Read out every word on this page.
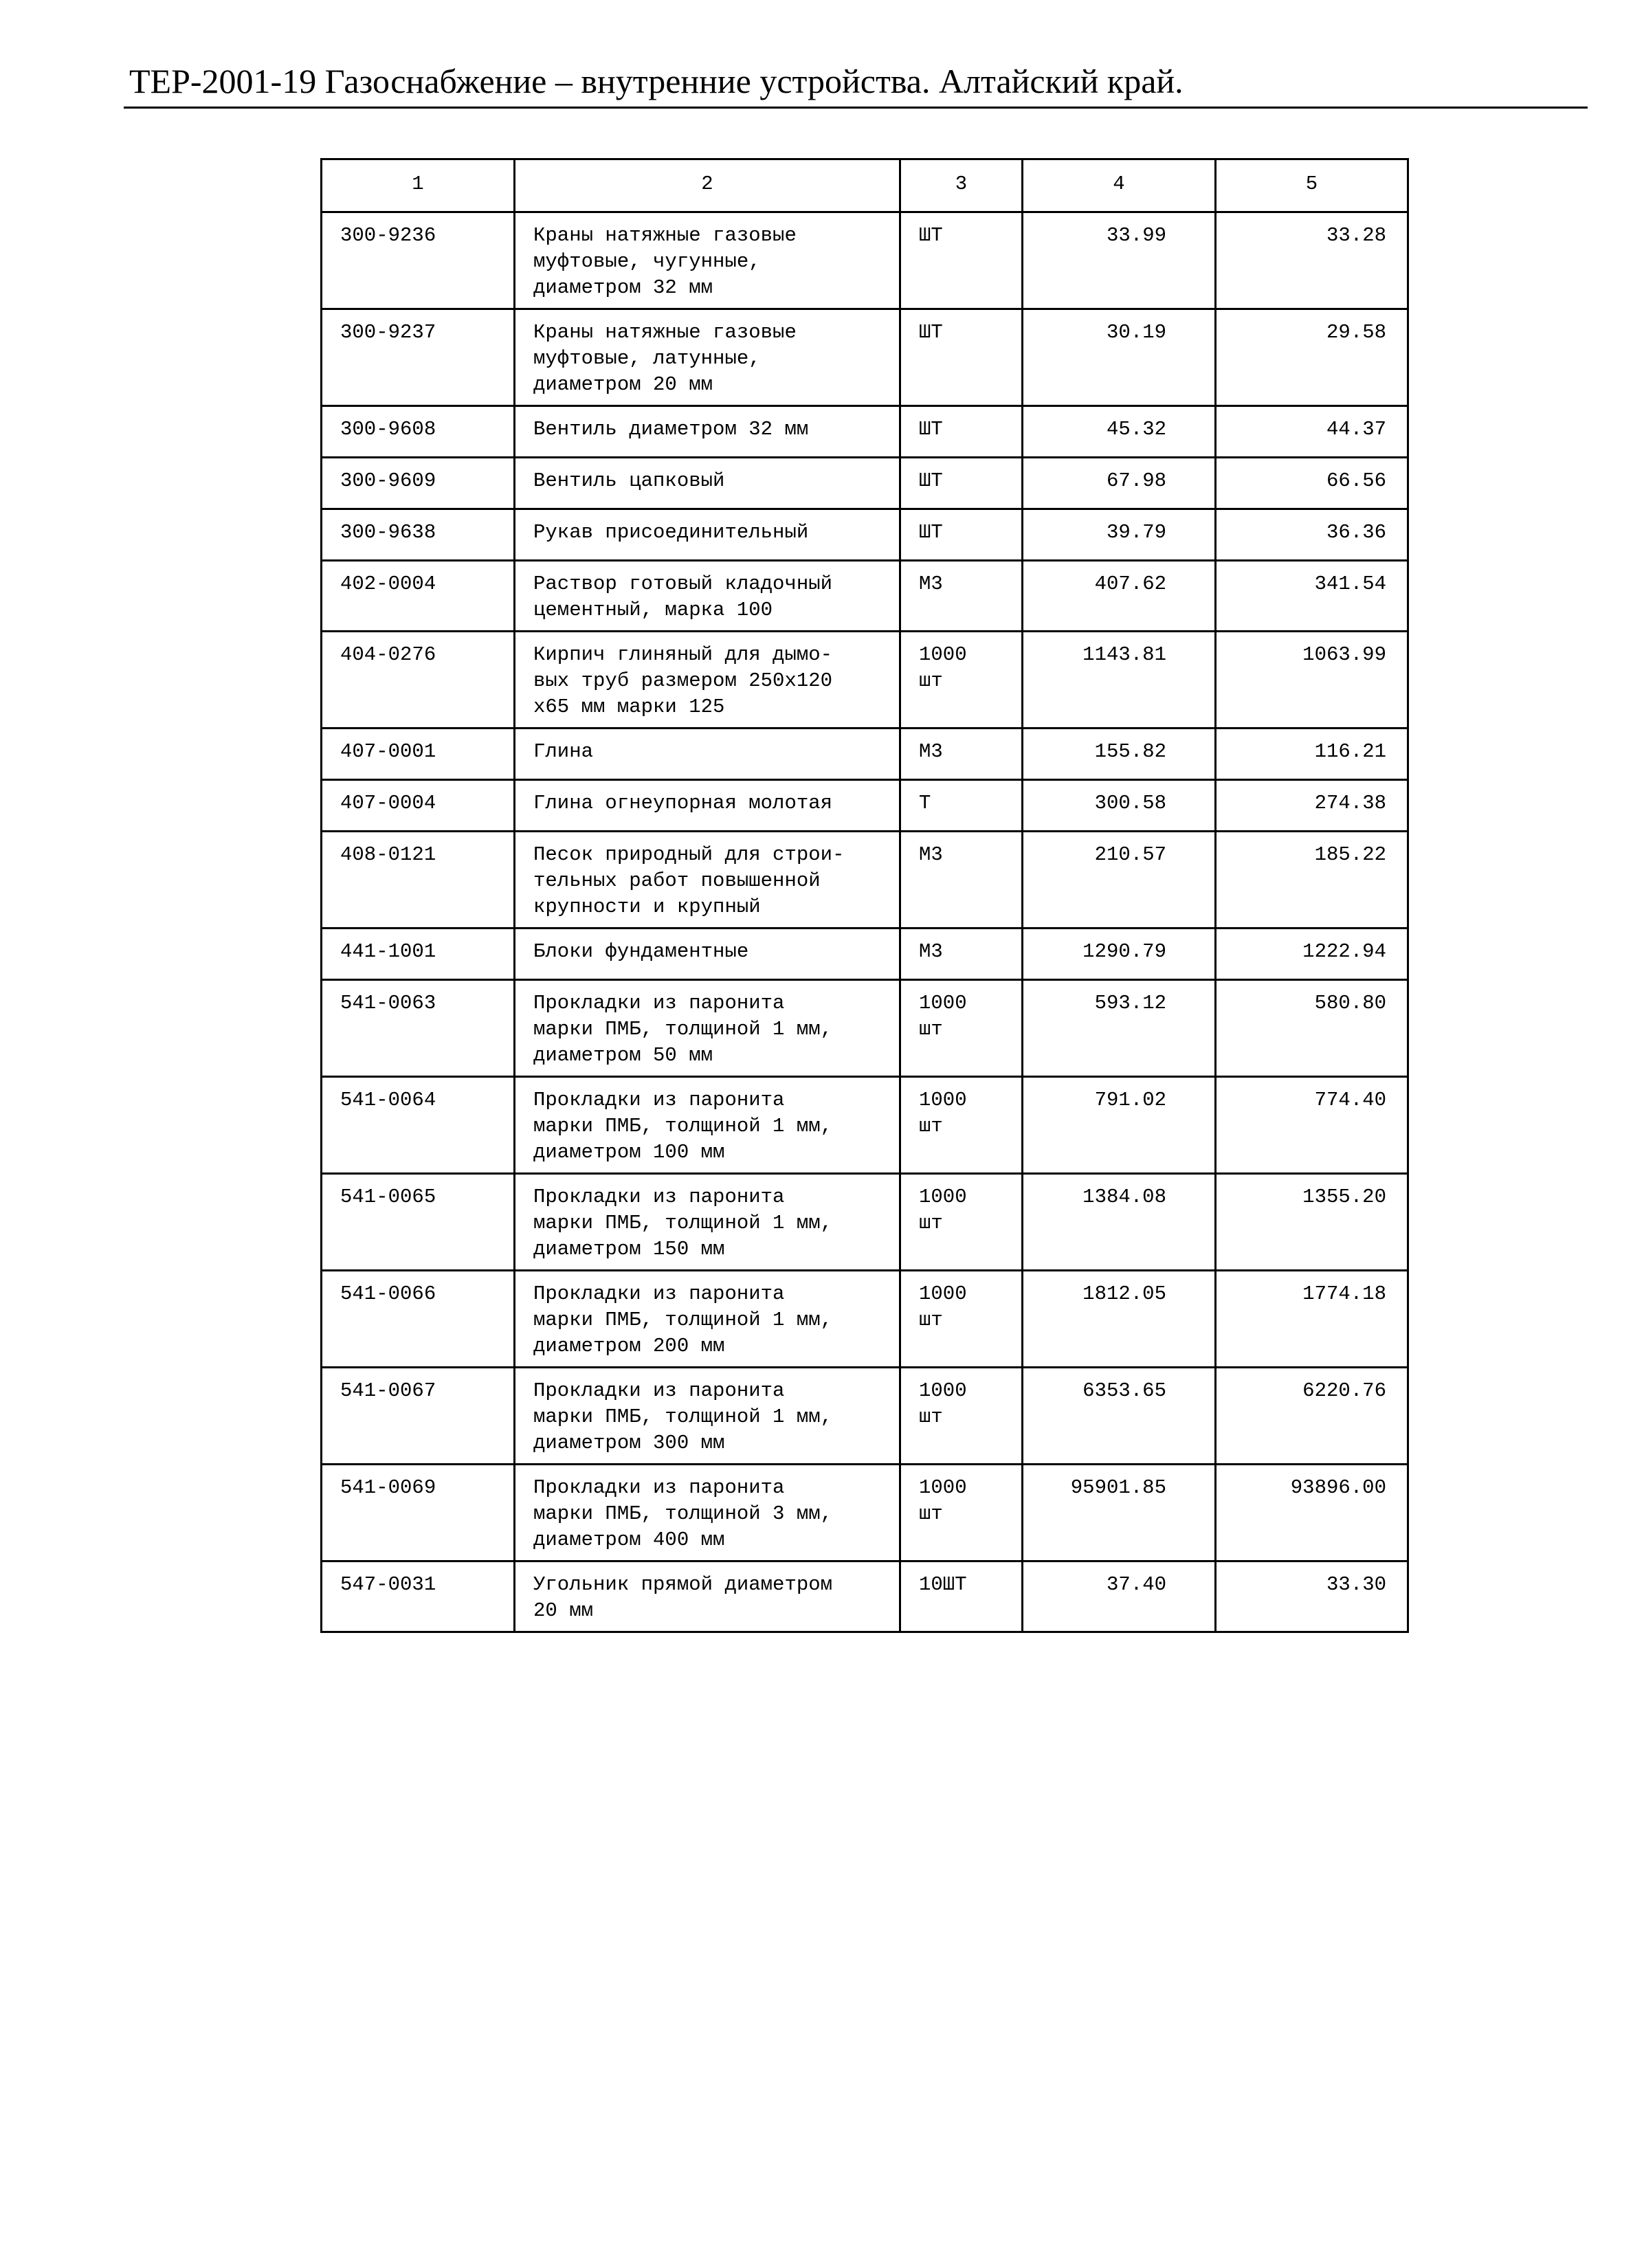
ТЕР-2001-19 Газоснабжение – внутренние устройства. Алтайский край.
1	2	3	4	5
300-9236	Краны натяжные газовые
муфтовые, чугунные,
диаметром 32 мм	ШТ	33.99	33.28
300-9237	Краны натяжные газовые
муфтовые, латунные,
диаметром 20 мм	ШТ	30.19	29.58
300-9608	Вентиль диаметром 32 мм	ШТ	45.32	44.37
300-9609	Вентиль цапковый	ШТ	67.98	66.56
300-9638	Рукав присоединительный	ШТ	39.79	36.36
402-0004	Раствор готовый кладочный
цементный, марка 100	М3	407.62	341.54
404-0276	Кирпич глиняный для дымо-
вых труб размером 250х120
х65 мм марки 125	1000
шт	1143.81	1063.99
407-0001	Глина	М3	155.82	116.21
407-0004	Глина огнеупорная молотая	Т	300.58	274.38
408-0121	Песок природный для строи-
тельных работ повышенной
крупности и крупный	М3	210.57	185.22
441-1001	Блоки фундаментные	М3	1290.79	1222.94
541-0063	Прокладки из паронита
марки ПМБ, толщиной 1 мм,
диаметром 50 мм	1000
шт	593.12	580.80
541-0064	Прокладки из паронита
марки ПМБ, толщиной 1 мм,
диаметром 100 мм	1000
шт	791.02	774.40
541-0065	Прокладки из паронита
марки ПМБ, толщиной 1 мм,
диаметром 150 мм	1000
шт	1384.08	1355.20
541-0066	Прокладки из паронита
марки ПМБ, толщиной 1 мм,
диаметром 200 мм	1000
шт	1812.05	1774.18
541-0067	Прокладки из паронита
марки ПМБ, толщиной 1 мм,
диаметром 300 мм	1000
шт	6353.65	6220.76
541-0069	Прокладки из паронита
марки ПМБ, толщиной 3 мм,
диаметром 400 мм	1000
шт	95901.85	93896.00
547-0031	Угольник прямой диаметром
20 мм	10ШТ	37.40	33.30
